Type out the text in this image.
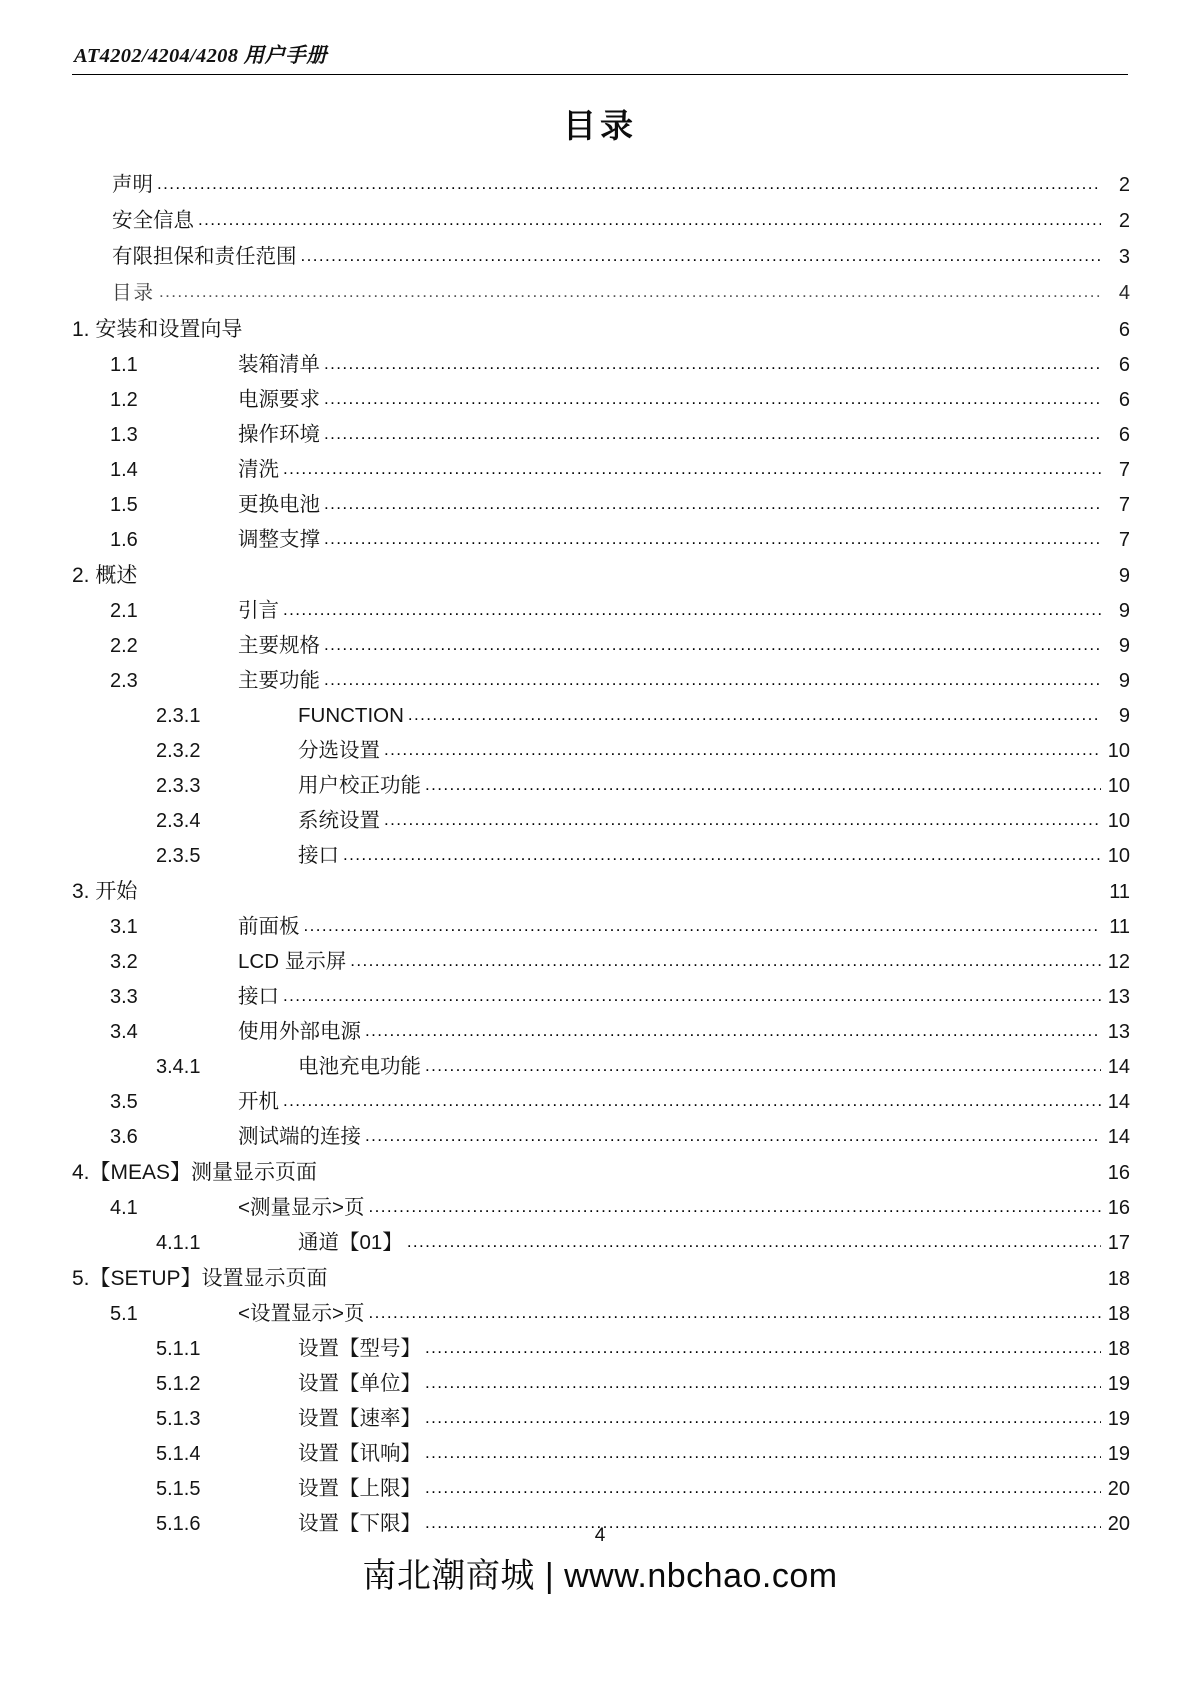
AT4202/4204/4208 用户手册
目录
声明 .....	2
安全信息 .....	2
有限担保和责任范围 .....	3
目录 .....	4
1. 安装和设置向导	6
1.1	装箱清单 .....	6
1.2	电源要求 .....	6
1.3	操作环境 .....	6
1.4	清洗 .....	7
1.5	更换电池 .....	7
1.6	调整支撑 .....	7
2. 概述	9
2.1	引言 .....	9
2.2	主要规格 .....	9
2.3	主要功能 .....	9
2.3.1	FUNCTION .....	9
2.3.2	分选设置 .....	10
2.3.3	用户校正功能 .....	10
2.3.4	系统设置 .....	10
2.3.5	接口 .....	10
3. 开始	11
3.1	前面板 .....	11
3.2	LCD 显示屏 .....	12
3.3	接口 .....	13
3.4	使用外部电源 .....	13
3.4.1	电池充电功能 .....	14
3.5	开机 .....	14
3.6	测试端的连接 .....	14
4.【MEAS】测量显示页面	16
4.1	<测量显示>页 .....	16
4.1.1	通道【01】 .....	17
5.【SETUP】设置显示页面	18
5.1	<设置显示>页 .....	18
5.1.1	设置【型号】 .....	18
5.1.2	设置【单位】 .....	19
5.1.3	设置【速率】 .....	19
5.1.4	设置【讯响】 .....	19
5.1.5	设置【上限】 .....	20
5.1.6	设置【下限】 .....	20
4
南北潮商城 | www.nbchao.com
